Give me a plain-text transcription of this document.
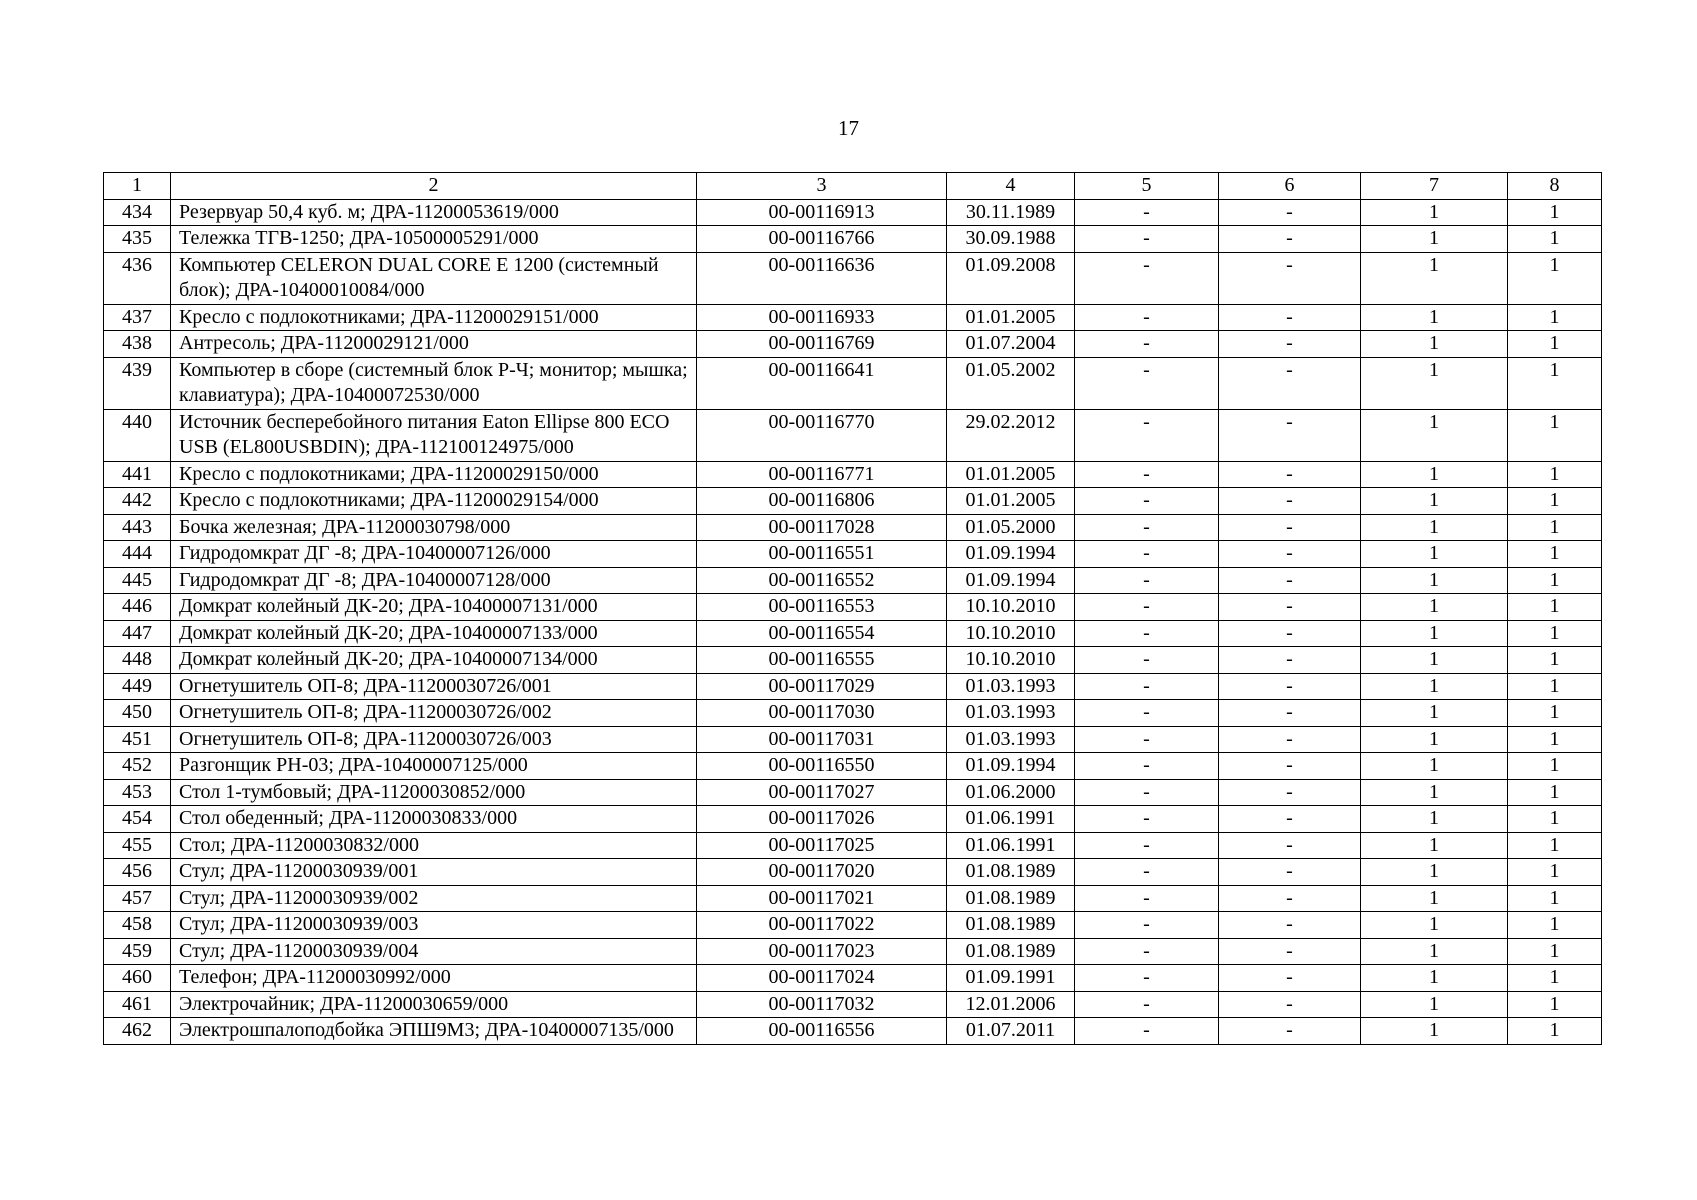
17
1	2	3	4	5	6	7	8
434	Резервуар 50,4 куб. м; ДРА-11200053619/000	00-00116913	30.11.1989	-	-	1	1
435	Тележка ТГВ-1250; ДРА-10500005291/000	00-00116766	30.09.1988	-	-	1	1
436	Компьютер CELERON DUAL CORE E 1200 (системный блок); ДРА-10400010084/000	00-00116636	01.09.2008	-	-	1	1
437	Кресло с подлокотниками; ДРА-11200029151/000	00-00116933	01.01.2005	-	-	1	1
438	Антресоль; ДРА-11200029121/000	00-00116769	01.07.2004	-	-	1	1
439	Компьютер в сборе (системный блок Р-Ч; монитор; мышка; клавиатура); ДРА-10400072530/000	00-00116641	01.05.2002	-	-	1	1
440	Источник бесперебойного питания Eaton Ellipse 800 ECO USB (EL800USBDIN); ДРА-112100124975/000	00-00116770	29.02.2012	-	-	1	1
441	Кресло с подлокотниками; ДРА-11200029150/000	00-00116771	01.01.2005	-	-	1	1
442	Кресло с подлокотниками; ДРА-11200029154/000	00-00116806	01.01.2005	-	-	1	1
443	Бочка железная; ДРА-11200030798/000	00-00117028	01.05.2000	-	-	1	1
444	Гидродомкрат ДГ -8; ДРА-10400007126/000	00-00116551	01.09.1994	-	-	1	1
445	Гидродомкрат ДГ -8; ДРА-10400007128/000	00-00116552	01.09.1994	-	-	1	1
446	Домкрат колейный ДК-20; ДРА-10400007131/000	00-00116553	10.10.2010	-	-	1	1
447	Домкрат колейный ДК-20; ДРА-10400007133/000	00-00116554	10.10.2010	-	-	1	1
448	Домкрат колейный ДК-20; ДРА-10400007134/000	00-00116555	10.10.2010	-	-	1	1
449	Огнетушитель ОП-8; ДРА-11200030726/001	00-00117029	01.03.1993	-	-	1	1
450	Огнетушитель ОП-8; ДРА-11200030726/002	00-00117030	01.03.1993	-	-	1	1
451	Огнетушитель ОП-8; ДРА-11200030726/003	00-00117031	01.03.1993	-	-	1	1
452	Разгонщик РН-03; ДРА-10400007125/000	00-00116550	01.09.1994	-	-	1	1
453	Стол 1-тумбовый; ДРА-11200030852/000	00-00117027	01.06.2000	-	-	1	1
454	Стол обеденный; ДРА-11200030833/000	00-00117026	01.06.1991	-	-	1	1
455	Стол; ДРА-11200030832/000	00-00117025	01.06.1991	-	-	1	1
456	Стул; ДРА-11200030939/001	00-00117020	01.08.1989	-	-	1	1
457	Стул; ДРА-11200030939/002	00-00117021	01.08.1989	-	-	1	1
458	Стул; ДРА-11200030939/003	00-00117022	01.08.1989	-	-	1	1
459	Стул; ДРА-11200030939/004	00-00117023	01.08.1989	-	-	1	1
460	Телефон; ДРА-11200030992/000	00-00117024	01.09.1991	-	-	1	1
461	Электрочайник; ДРА-11200030659/000	00-00117032	12.01.2006	-	-	1	1
462	Электрошпалоподбойка ЭПШ9М3; ДРА-10400007135/000	00-00116556	01.07.2011	-	-	1	1
